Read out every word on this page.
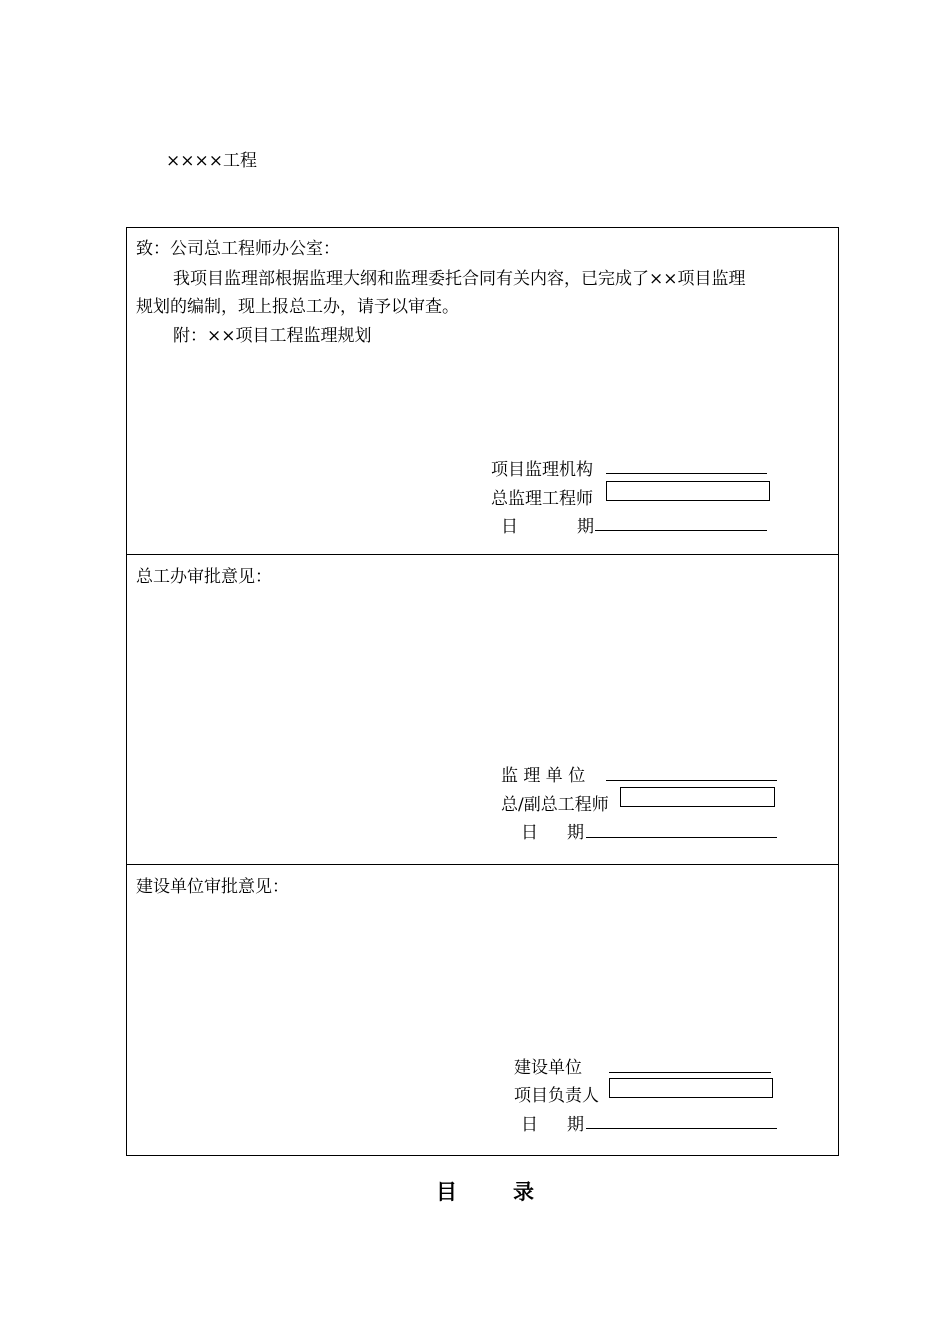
××××工程
致：公司总工程师办公室：
我项目监理部根据监理大纲和监理委托合同有关内容，已完成了××项目监理
规划的编制，现上报总工办，请予以审查。
附：××项目工程监理规划
项目监理机构
总监理工程师
日	期
总工办审批意见：
监 理 单 位
总/副总工程师
日 期
建设单位审批意见：
建设单位
项目负责人
日 期
目	录
